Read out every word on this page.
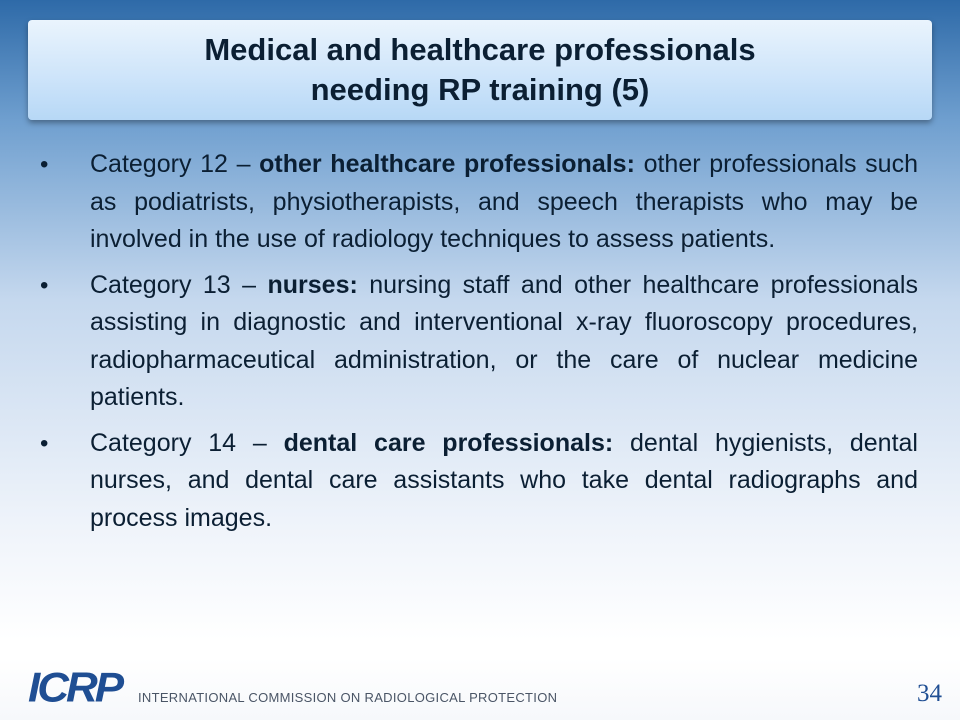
Medical and healthcare professionals
needing RP training (5)
•	Category 12 – other healthcare professionals: other professionals such as podiatrists, physiotherapists, and speech therapists who may be involved in the use of radiology techniques to assess patients.
•	Category 13 – nurses: nursing staff and other healthcare professionals assisting in diagnostic and interventional x-ray fluoroscopy procedures, radiopharmaceutical administration, or the care of nuclear medicine patients.
•	Category 14 – dental care professionals: dental hygienists, dental nurses, and dental care assistants who take dental radiographs and process images.
ICRP INTERNATIONAL COMMISSION ON RADIOLOGICAL PROTECTION	34
